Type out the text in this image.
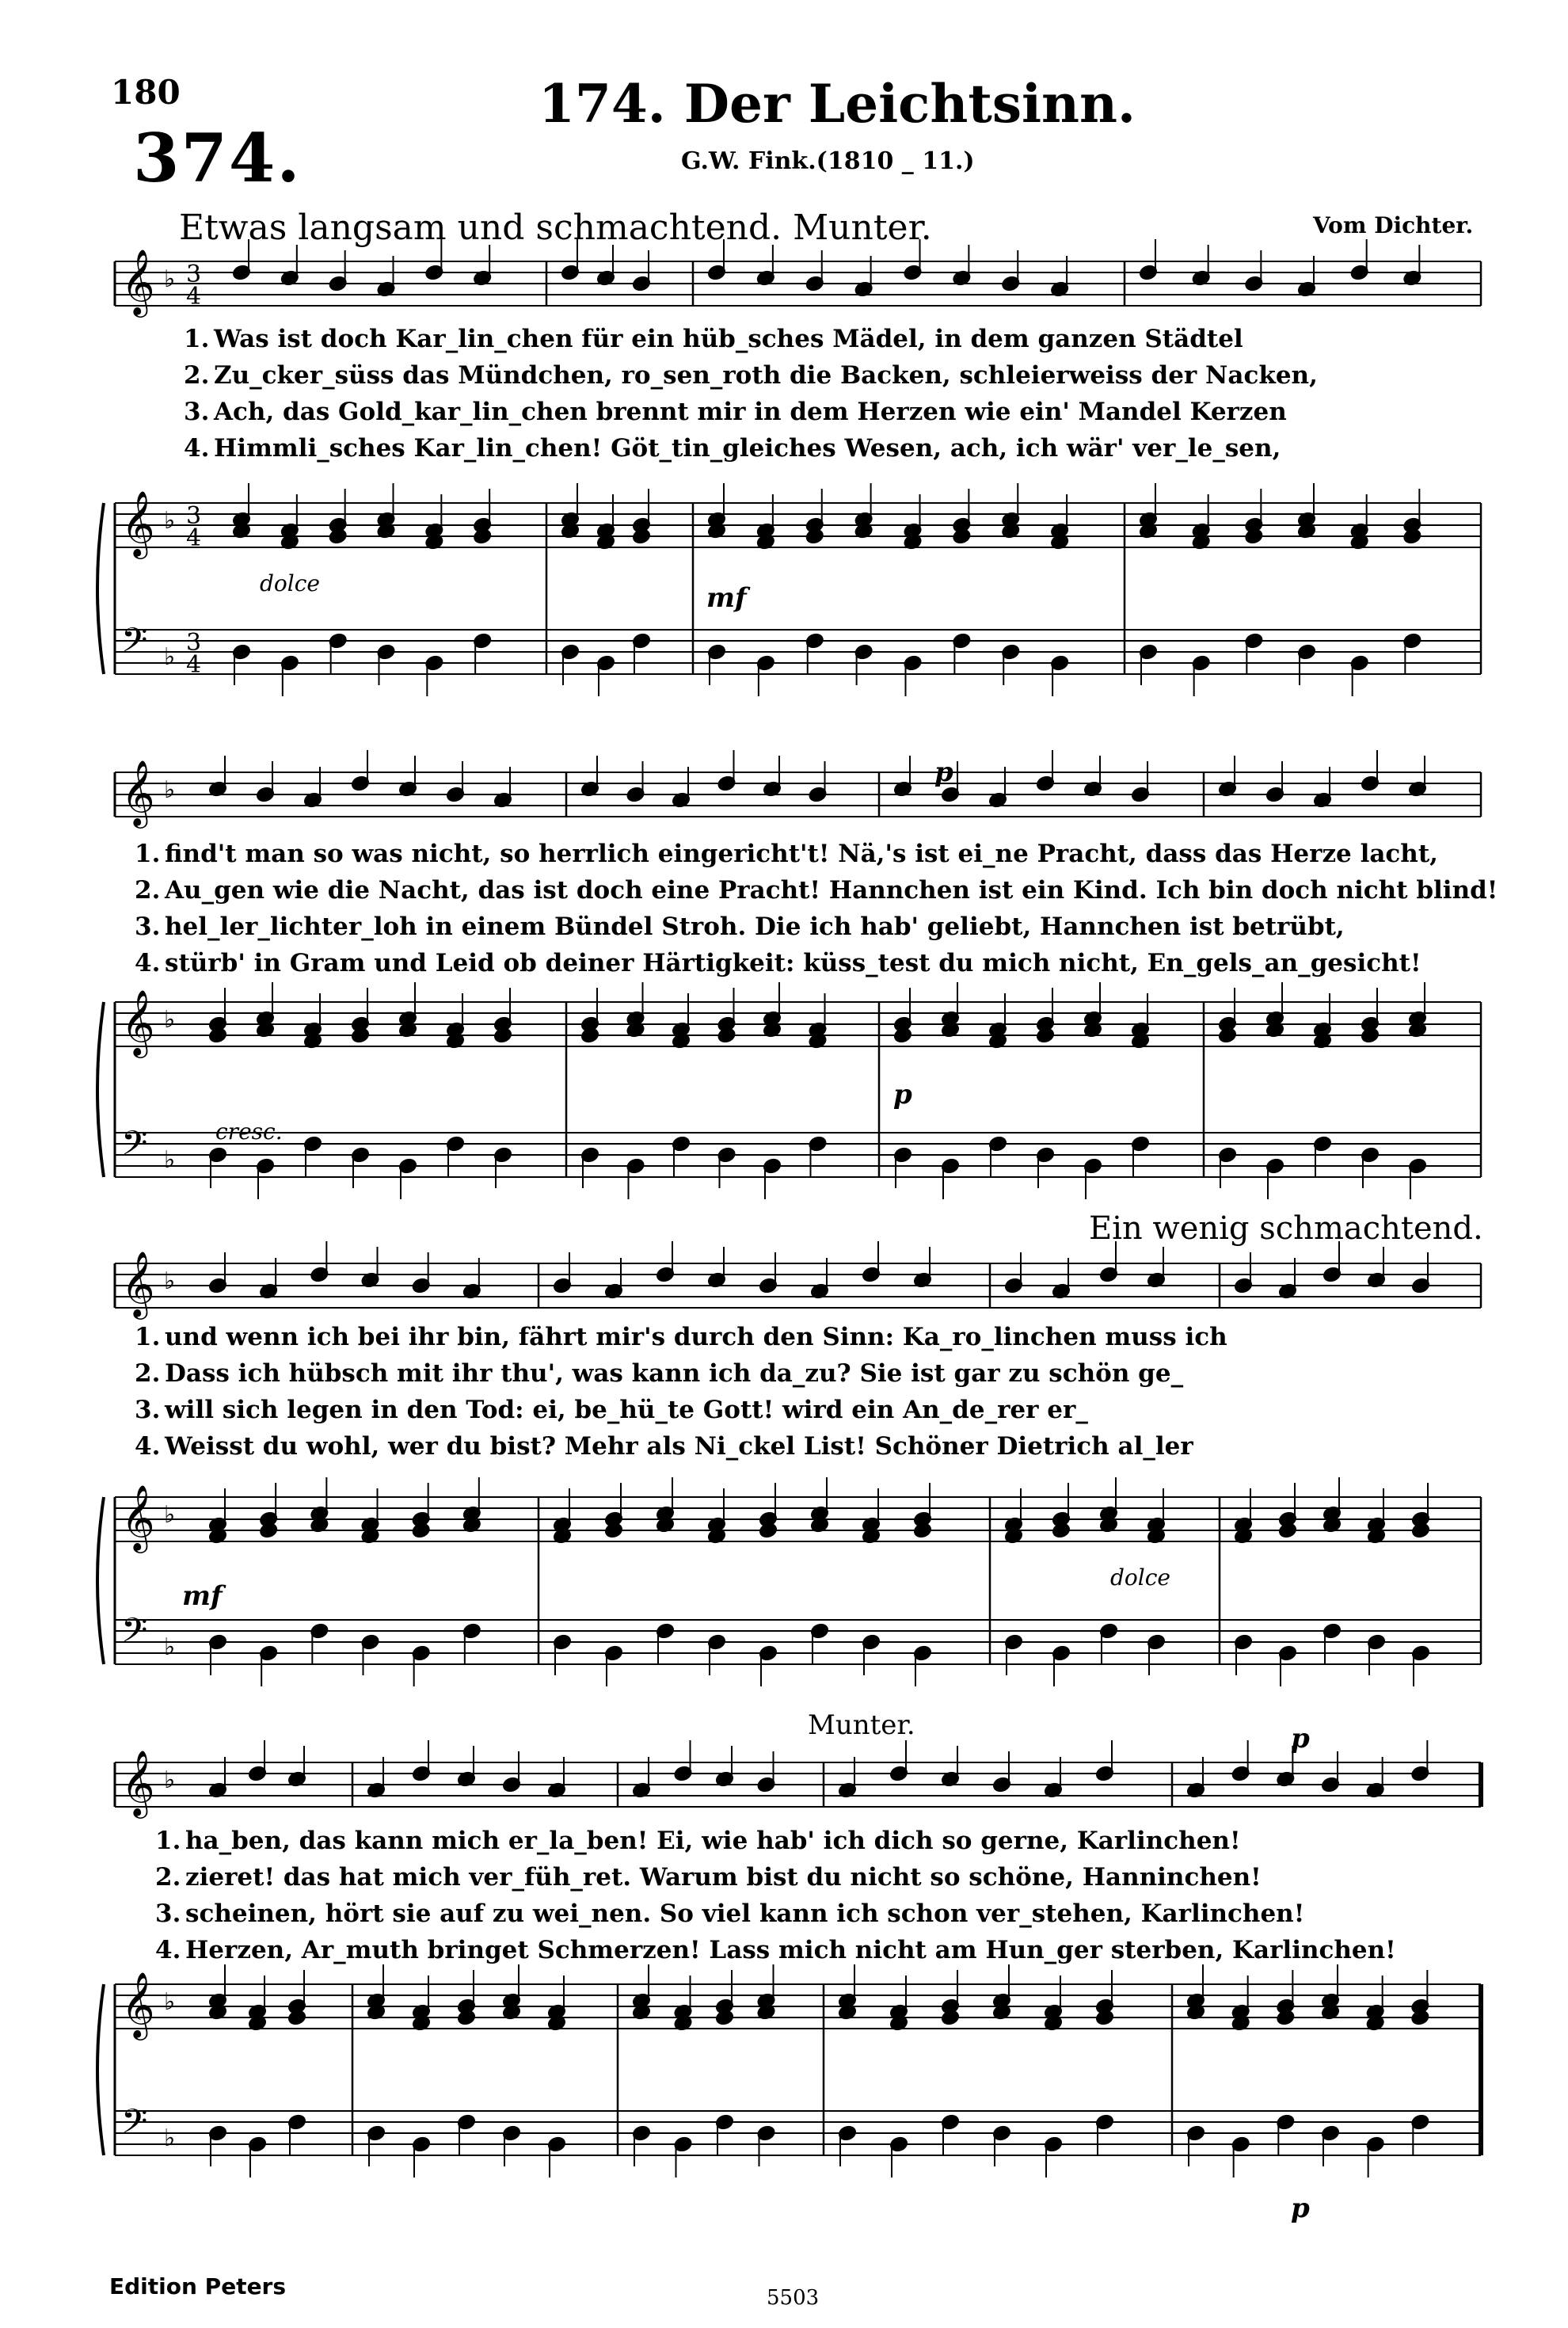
180
374.
174. Der Leichtsinn.
G.W. Fink.(1810 _ 11.)
Etwas langsam und schmachtend. Munter.	Vom Dichter.
Ein wenig schmachtend.
Munter.
𝄞
𝄞
𝄢
♭
♭
♭
3
4
3
4
3
4
𝄞
𝄞
𝄢
♭
♭
♭
𝄞
𝄞
𝄢
♭
♭
♭
𝄞
𝄞
𝄢
♭
♭
♭
dolce	mf
cresc.
p
p
mf
dolce
p
p
1. Was ist doch Kar_lin_chen für ein hüb_sches Mädel, in dem ganzen Städtel
2. Zu_cker_süss das Mündchen, ro_sen_roth die Backen, schleierweiss der Nacken,
3. Ach, das Gold_kar_lin_chen brennt mir in dem Herzen wie ein' Mandel Kerzen
4. Himmli_sches Kar_lin_chen! Göt_tin_gleiches Wesen, ach, ich wär' ver_le_sen,
1. find't man so was nicht, so herrlich eingericht't! Nä,'s ist ei_ne Pracht, dass das Herze lacht,
2. Au_gen wie die Nacht, das ist doch eine Pracht! Hannchen ist ein Kind. Ich bin doch nicht blind!
3. hel_ler_lichter_loh in einem Bündel Stroh. Die ich hab' geliebt, Hannchen ist betrübt,
4. stürb' in Gram und Leid ob deiner Härtigkeit: küss_test du mich nicht, En_gels_an_gesicht!
1. und wenn ich bei ihr bin, fährt mir's durch den Sinn: Ka_ro_linchen muss ich
2. Dass ich hübsch mit ihr thu', was kann ich da_zu? Sie ist gar zu schön ge_
3. will sich legen in den Tod: ei, be_hü_te Gott! wird ein An_de_rer er_
4. Weisst du wohl, wer du bist? Mehr als Ni_ckel List! Schöner Dietrich al_ler
1. ha_ben, das kann mich er_la_ben! Ei, wie hab' ich dich so gerne, Karlinchen!
2. zieret! das hat mich ver_füh_ret. Warum bist du nicht so schöne, Hanninchen!
3. scheinen, hört sie auf zu wei_nen. So viel kann ich schon ver_stehen, Karlinchen!
4. Herzen, Ar_muth bringet Schmerzen! Lass mich nicht am Hun_ger sterben, Karlinchen!
Edition Peters	5503
